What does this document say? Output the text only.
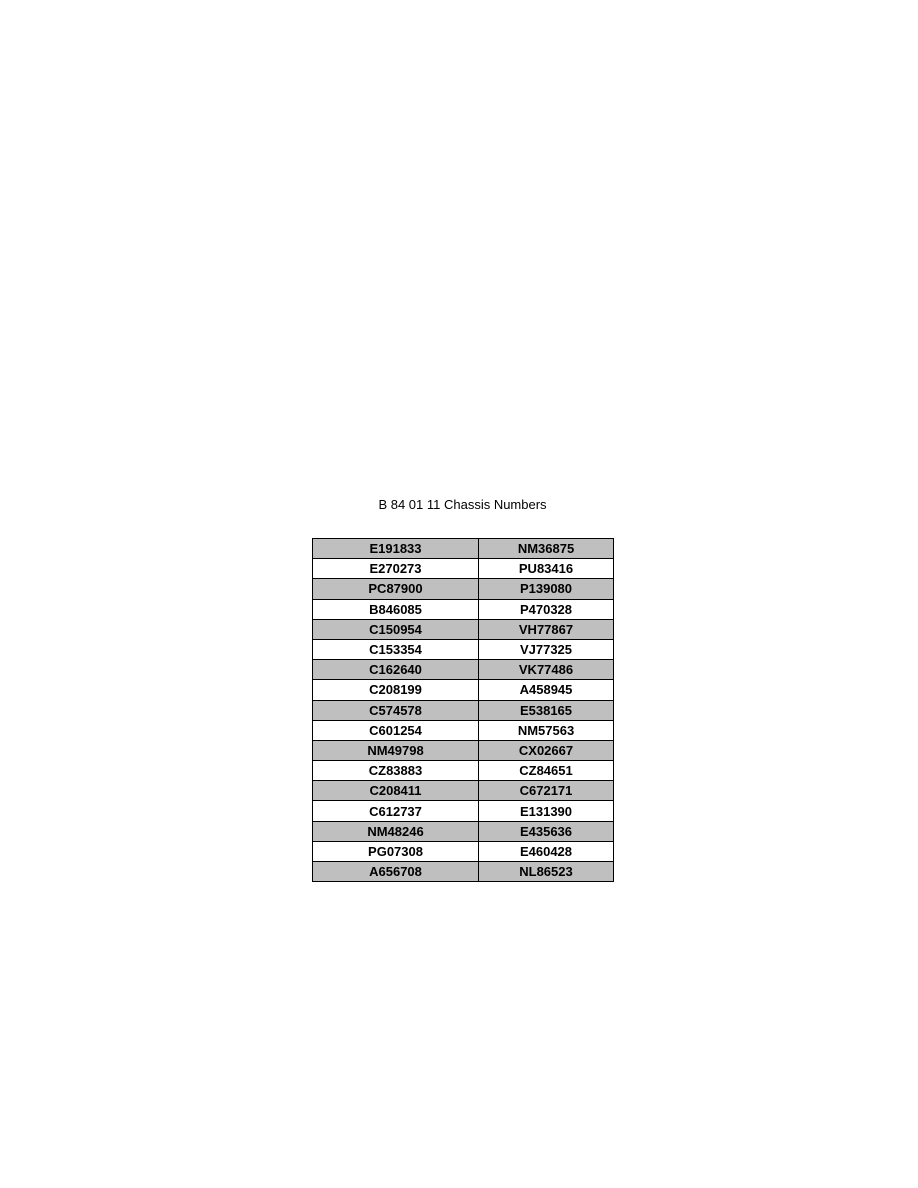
B 84 01 11 Chassis Numbers
E191833	NM36875
E270273	PU83416
PC87900	P139080
B846085	P470328
C150954	VH77867
C153354	VJ77325
C162640	VK77486
C208199	A458945
C574578	E538165
C601254	NM57563
NM49798	CX02667
CZ83883	CZ84651
C208411	C672171
C612737	E131390
NM48246	E435636
PG07308	E460428
A656708	NL86523
